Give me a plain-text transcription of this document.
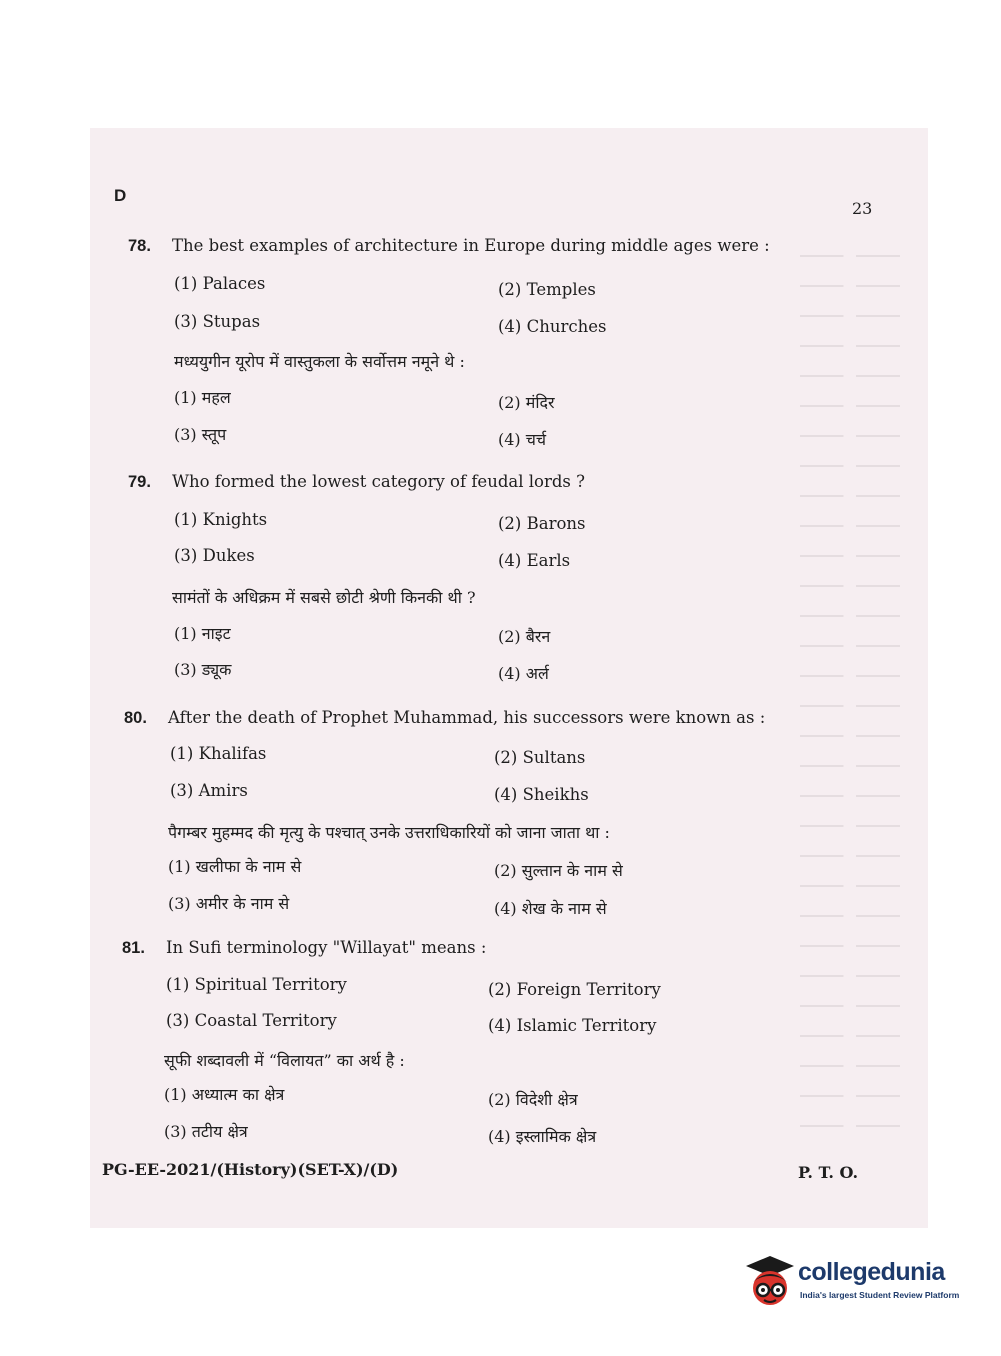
D
23
78. The best examples of architecture in Europe during middle ages were :
(1) Palaces	(2) Temples
(3) Stupas	(4) Churches
मध्ययुगीन यूरोप में वास्तुकला के सर्वोत्तम नमूने थे :
(1) महल	(2) मंदिर
(3) स्तूप	(4) चर्च
79. Who formed the lowest category of feudal lords ?
(1) Knights	(2) Barons
(3) Dukes	(4) Earls
सामंतों के अधिक्रम में सबसे छोटी श्रेणी किनकी थी ?
(1) नाइट	(2) बैरन
(3) ड्यूक	(4) अर्ल
80. After the death of Prophet Muhammad, his successors were known as :
(1) Khalifas	(2) Sultans
(3) Amirs	(4) Sheikhs
पैगम्बर मुहम्मद की मृत्यु के पश्चात् उनके उत्तराधिकारियों को जाना जाता था :
(1) खलीफा के नाम से	(2) सुल्तान के नाम से
(3) अमीर के नाम से	(4) शेख के नाम से
81. In Sufi terminology "Willayat" means :
(1) Spiritual Territory	(2) Foreign Territory
(3) Coastal Territory	(4) Islamic Territory
सूफी शब्दावली में “विलायत” का अर्थ है :
(1) अध्यात्म का क्षेत्र	(2) विदेशी क्षेत्र
(3) तटीय क्षेत्र	(4) इस्लामिक क्षेत्र
PG-EE-2021/(History)(SET-X)/(D)	P. T. O.
collegedunia
India's largest Student Review Platform
